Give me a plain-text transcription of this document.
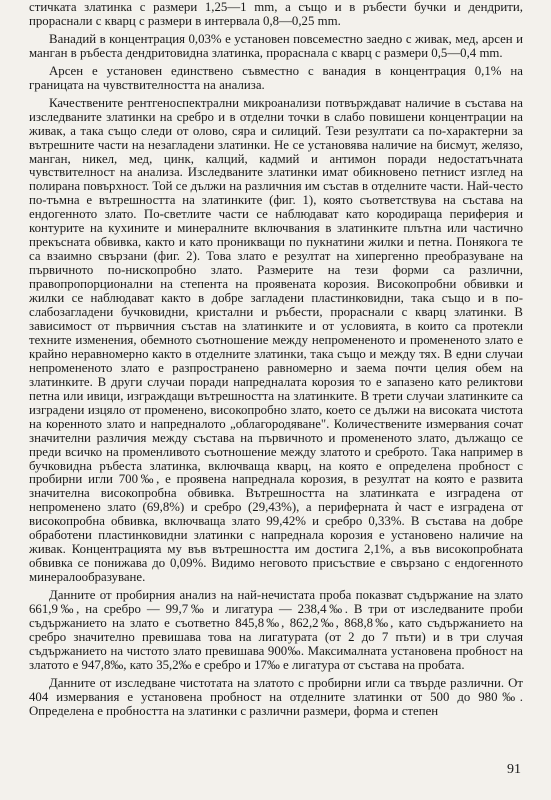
стичката златинка с размери 1,25—1 mm, а също и в ръбести бучки и дендрити, прораснали с кварц с размери в интервала 0,8—0,25 mm.

Ванадий в концентрация 0,03% е установен повсеместно заедно с живак, мед, арсен и манган в ръбеста дендритовидна златинка, прораснала с кварц с размери 0,5—0,4 mm.

Арсен е установен единствено съвместно с ванадия в концентрация 0,1% на границата на чувствителността на анализа.

Качествените рентгеноспектрални микроанализи потвърждават наличие в състава на изследваните златинки на сребро и в отделни точки в слабо повишени концентрации на живак, а така също следи от олово, сяра и силиций. Тези резултати са по-характерни за вътрешните части на незагладени златинки. Не се установява наличие на бисмут, желязо, манган, никел, мед, цинк, калций, кадмий и антимон поради недостатъчната чувствителност на анализа. Изследваните златинки имат обикновено петнист изглед на полирана повърхност. Той се дължи на различния им състав в отделните части. Най-често по-тъмна е вътрешността на златинките (фиг. 1), която съответствува на състава на ендогенното злато. По-светлите части се наблюдават като кородираща периферия и контурите на кухините и минералните включвания в златинките плътна или частично прекъсната обвивка, както и като проникващи по пукнатини жилки и петна. Понякога те са взаимно свързани (фиг. 2). Това злато е резултат на хипергенно преобразуване на първичното по-нископробно злато. Размерите на тези форми са различни, правопропорционални на степента на проявената корозия. Високопробни обвивки и жилки се наблюдават както в добре загладени пластинковидни, така също и в по-слабозагладени бучковидни, кристални и ръбести, прораснали с кварц златинки. В зависимост от първичния състав на златинките и от условията, в които са протекли техните изменения, обемното съотношение между непромененото и промененото злато е крайно неравномерно както в отделните златинки, така също и между тях. В едни случаи непромененото злато е разпространено равномерно и заема почти целия обем на златинките. В други случаи поради напредналата корозия то е запазено като реликтови петна или ивици, изграждащи вътрешността на златинките. В трети случаи златинките са изградени изцяло от променено, високопробно злато, което се дължи на високата чистота на коренното злато и напредналото „облагородяване". Количествените измервания сочат значителни различия между състава на първичното и промененото злато, дължащо се преди всичко на променливото съотношение между златото и среброто. Така например в бучковидна ръбеста златинка, включваща кварц, на която е определена пробност с пробирни игли 700‰, е проявена напреднала корозия, в резултат на която е развита значителна високопробна обвивка. Вътрешността на златинката е изградена от непроменено злато (69,8%) и сребро (29,43%), а периферната ѝ част е изградена от високопробна обвивка, включваща злато 99,42% и сребро 0,33%. В състава на добре обработени пластинковидни златинки с напреднала корозия е установено наличие на живак. Концентрацията му във вътрешността им достига 2,1%, а във високопробната обвивка се понижава до 0,09%. Видимо неговото присъствие е свързано с ендогенното минералообразуване.

Данните от пробирния анализ на най-нечистата проба показват съдържание на злато 661,9‰, на сребро — 99,7‰ и лигатура — 238,4‰. В три от изследваните проби съдържанието на злато е съответно 845,8‰, 862,2‰, 868,8‰, като съдържанието на сребро значително превишава това на лигатурата (от 2 до 7 пъти) и в три случая съдържанието на чистото злато превишава 900‰. Максималната установена пробност на златото е 947,8‰, като 35,2‰ е сребро и 17‰ е лигатура от състава на пробата.

Данните от изследване чистотата на златото с пробирни игли са твърде различни. От 404 измервания е установена пробност на отделните златинки от 500 до 980‰. Определена е пробността на златинки с различни размери, форма и степен

91
